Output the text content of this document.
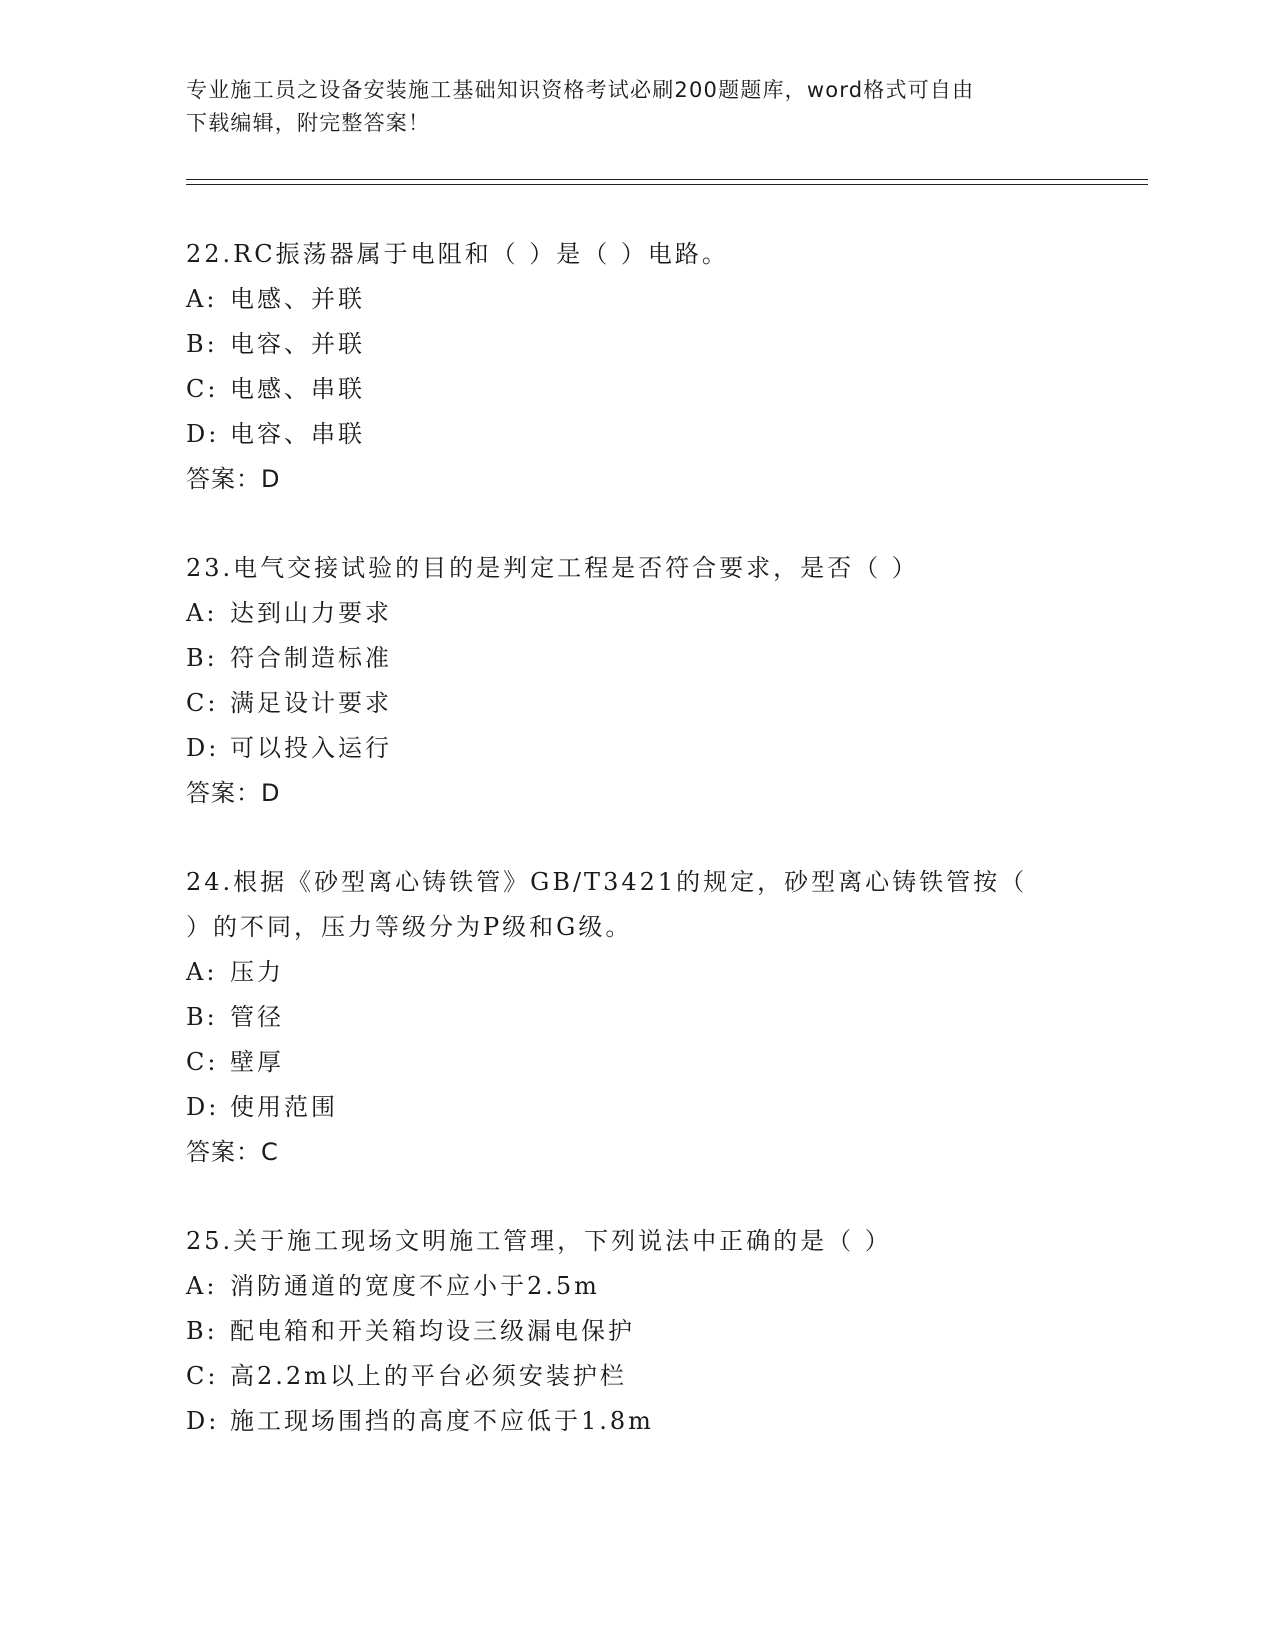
专业施工员之设备安装施工基础知识资格考试必刷200题题库，word格式可自由
下载编辑，附完整答案！
22.RC振荡器属于电阻和（ ）是（ ）电路。
A: 电感、并联
B: 电容、并联
C: 电感、串联
D: 电容、串联
答案：D
23.电气交接试验的目的是判定工程是否符合要求，是否（ ）
A: 达到山力要求
B: 符合制造标准
C: 满足设计要求
D: 可以投入运行
答案：D
24.根据《砂型离心铸铁管》GB/T3421的规定，砂型离心铸铁管按（
）的不同，压力等级分为P级和G级。
A: 压力
B: 管径
C: 壁厚
D: 使用范围
答案：C
25.关于施工现场文明施工管理，下列说法中正确的是（ ）
A: 消防通道的宽度不应小于2.5m
B: 配电箱和开关箱均设三级漏电保护
C: 高2.2m以上的平台必须安装护栏
D: 施工现场围挡的高度不应低于1.8m
